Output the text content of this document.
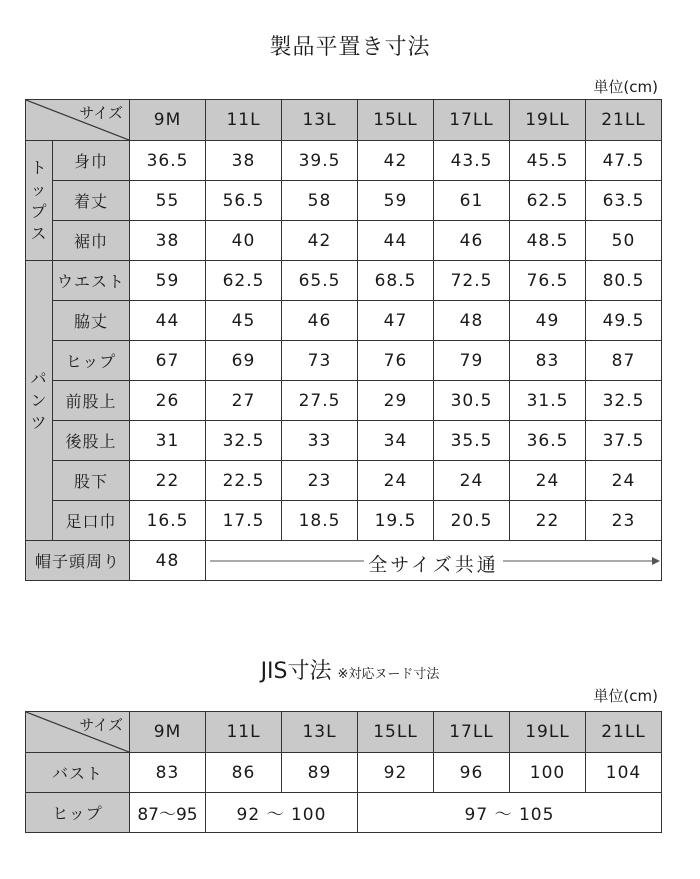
製品平置き寸法
単位(cm)
サイズ		9M	11L	13L	15LL	17LL	19LL	21LL

ト
ッ
プ
ス	身巾	36.5	38	39.5	42	43.5	45.5	47.5
	着丈	55	56.5	58	59	61	62.5	63.5
	裾巾	38	40	42	44	46	48.5	50

パ
ン
ツ	ウエスト	59	62.5	65.5	68.5	72.5	76.5	80.5
	脇丈	44	45	46	47	48	49	49.5
	ヒップ	67	69	73	76	79	83	87
	前股上	26	27	27.5	29	30.5	31.5	32.5
	後股上	31	32.5	33	34	35.5	36.5	37.5
	股下	22	22.5	23	24	24	24	24
	足口巾	16.5	17.5	18.5	19.5	20.5	22	23
帽子頭周り		48	全サイズ共通					
JIS寸法 ※対応ヌード寸法
単位(cm)
サイズ	9M	11L	13L	15LL	17LL	19LL	21LL
バスト	83	86	89	92	96	100	104
ヒップ	87〜95	92 〜 100		97 〜 105			
